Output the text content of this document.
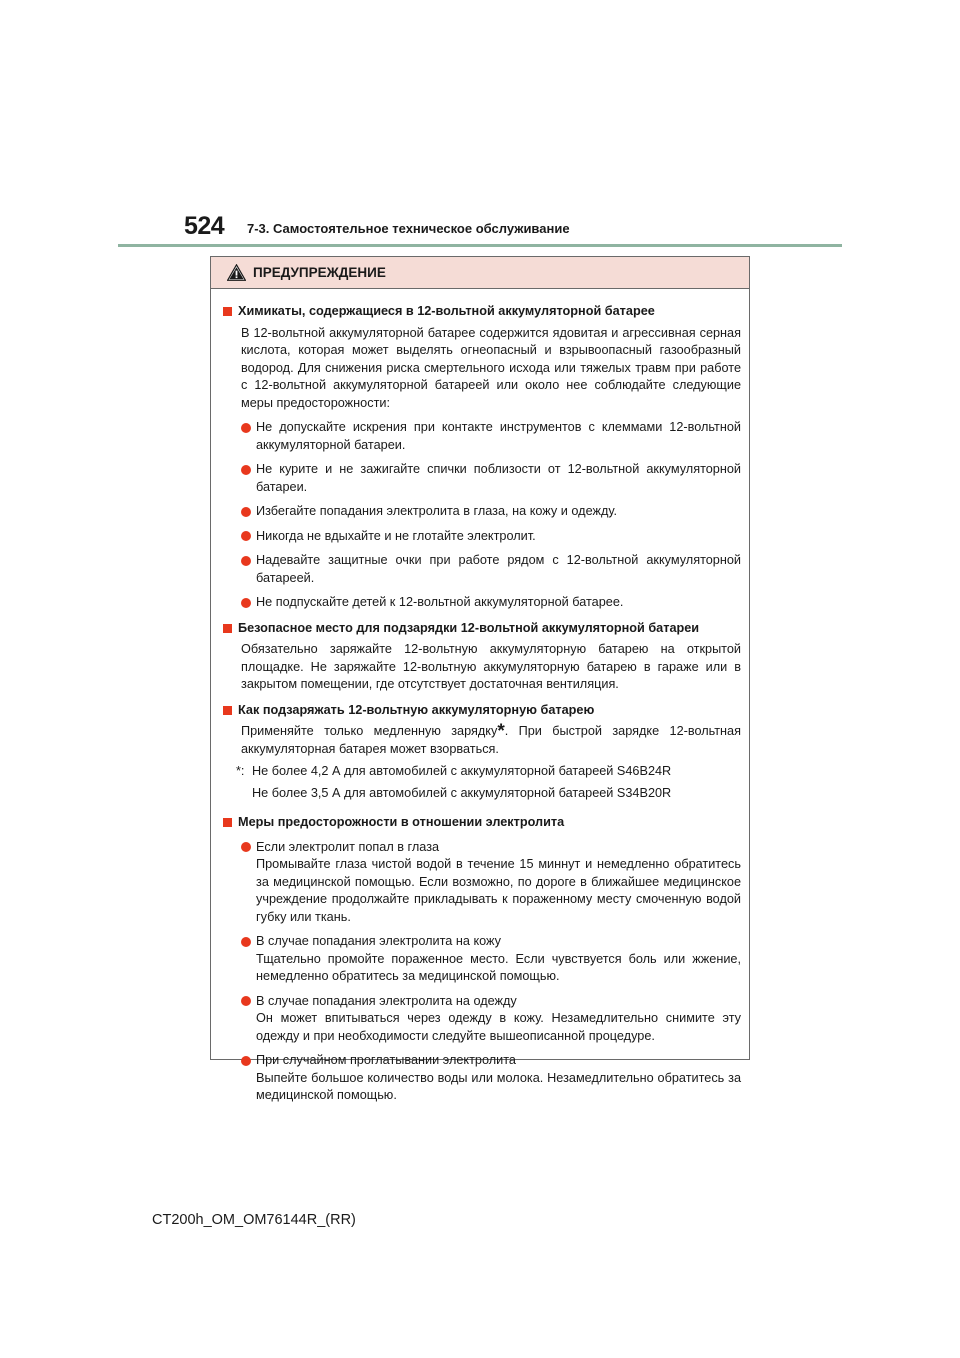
524 7-3. Самостоятельное техническое обслуживание
ПРЕДУПРЕЖДЕНИЕ
Химикаты, содержащиеся в 12-вольтной аккумуляторной батарее
В 12-вольтной аккумуляторной батарее содержится ядовитая и агрессивная серная кислота, которая может выделять огнеопасный и взрывоопасный газообразный водород. Для снижения риска смертельного исхода или тяжелых травм при работе с 12-вольтной аккумуляторной батареей или около нее соблюдайте следующие меры предосторожности:
Не допускайте искрения при контакте инструментов с клеммами 12-вольтной аккумуляторной батареи.
Не курите и не зажигайте спички поблизости от 12-вольтной аккумуляторной батареи.
Избегайте попадания электролита в глаза, на кожу и одежду.
Никогда не вдыхайте и не глотайте электролит.
Надевайте защитные очки при работе рядом с 12-вольтной аккумуляторной батареей.
Не подпускайте детей к 12-вольтной аккумуляторной батарее.
Безопасное место для подзарядки 12-вольтной аккумуляторной батареи
Обязательно заряжайте 12-вольтную аккумуляторную батарею на открытой площадке. Не заряжайте 12-вольтную аккумуляторную батарею в гараже или в закрытом помещении, где отсутствует достаточная вентиляция.
Как подзаряжать 12-вольтную аккумуляторную батарею
Применяйте только медленную зарядку*. При быстрой зарядке 12-вольтная аккумуляторная батарея может взорваться.
*: Не более 4,2 А для автомобилей с аккумуляторной батареей S46B24R
Не более 3,5 А для автомобилей с аккумуляторной батареей S34B20R
Меры предосторожности в отношении электролита
Если электролит попал в глаза
Промывайте глаза чистой водой в течение 15 миннут и немедленно обратитесь за медицинской помощью. Если возможно, по дороге в ближайшее медицинское учреждение продолжайте прикладывать к пораженному месту смоченную водой губку или ткань.
В случае попадания электролита на кожу
Тщательно промойте пораженное место. Если чувствуется боль или жжение, немедленно обратитесь за медицинской помощью.
В случае попадания электролита на одежду
Он может впитываться через одежду в кожу. Незамедлительно снимите эту одежду и при необходимости следуйте вышеописанной процедуре.
При случайном проглатывании электролита
Выпейте большое количество воды или молока. Незамедлительно обратитесь за медицинской помощью.
CT200h_OM_OM76144R_(RR)
